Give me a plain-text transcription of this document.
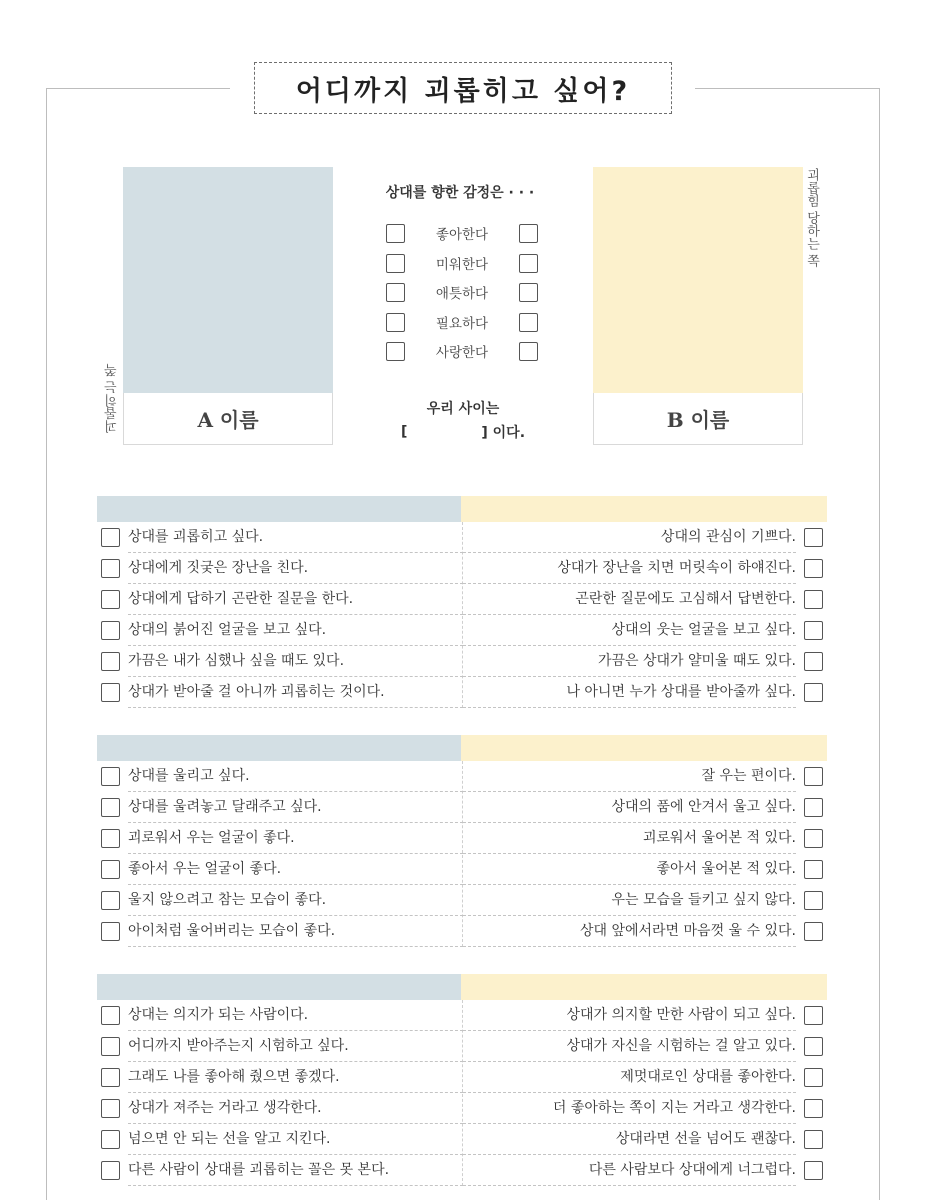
어디까지 괴롭히고 싶어?
A 이름
괴롭히는 쪽	B 이름
괴롭힘 당하는 쪽
상대를 향한 감정은 · · ·
좋아한다
미워한다
애틋하다
필요하다
사랑한다
우리 사이는
[	] 이다.
상대를 괴롭히고 싶다.	상대의 관심이 기쁘다.
상대에게 짓궂은 장난을 친다.	상대가 장난을 치면 머릿속이 하얘진다.
상대에게 답하기 곤란한 질문을 한다.	곤란한 질문에도 고심해서 답변한다.
상대의 붉어진 얼굴을 보고 싶다.	상대의 웃는 얼굴을 보고 싶다.
가끔은 내가 심했나 싶을 때도 있다.	가끔은 상대가 얄미울 때도 있다.
상대가 받아줄 걸 아니까 괴롭히는 것이다.	나 아니면 누가 상대를 받아줄까 싶다.
상대를 울리고 싶다.	잘 우는 편이다.
상대를 울려놓고 달래주고 싶다.	상대의 품에 안겨서 울고 싶다.
괴로워서 우는 얼굴이 좋다.	괴로워서 울어본 적 있다.
좋아서 우는 얼굴이 좋다.	좋아서 울어본 적 있다.
울지 않으려고 참는 모습이 좋다.	우는 모습을 들키고 싶지 않다.
아이처럼 울어버리는 모습이 좋다.	상대 앞에서라면 마음껏 울 수 있다.
상대는 의지가 되는 사람이다.	상대가 의지할 만한 사람이 되고 싶다.
어디까지 받아주는지 시험하고 싶다.	상대가 자신을 시험하는 걸 알고 있다.
그래도 나를 좋아해 줬으면 좋겠다.	제멋대로인 상대를 좋아한다.
상대가 져주는 거라고 생각한다.	더 좋아하는 쪽이 지는 거라고 생각한다.
넘으면 안 되는 선을 알고 지킨다.	상대라면 선을 넘어도 괜찮다.
다른 사람이 상대를 괴롭히는 꼴은 못 본다.	다른 사람보다 상대에게 너그럽다.
